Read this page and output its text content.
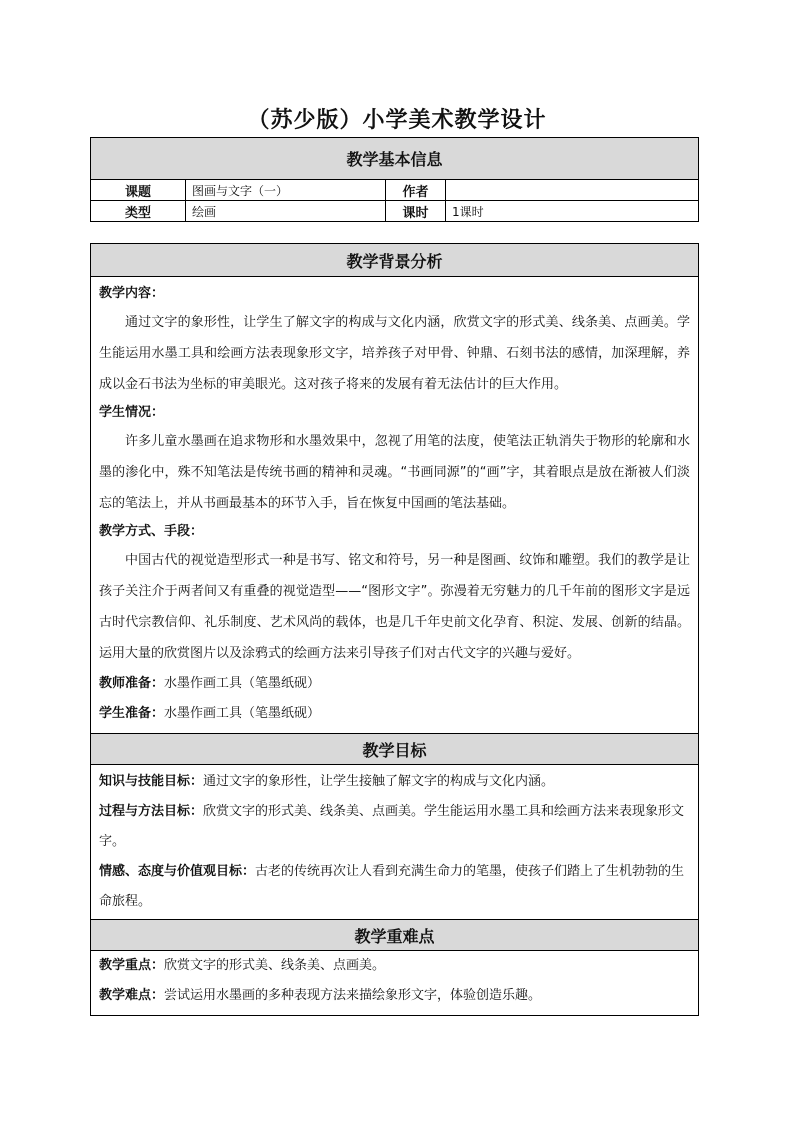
（苏少版）小学美术教学设计
教学基本信息			
课题	图画与文字（一）	作者	
类型	绘画	课时	1课时
教学背景分析

教学内容：
通过文字的象形性，让学生了解文字的构成与文化内涵，欣赏文字的形式美、线条美、点画美。学生能运用水墨工具和绘画方法表现象形文字，培养孩子对甲骨、钟鼎、石刻书法的感情，加深理解，养成以金石书法为坐标的审美眼光。这对孩子将来的发展有着无法估计的巨大作用。
学生情况：
许多儿童水墨画在追求物形和水墨效果中，忽视了用笔的法度，使笔法正轨消失于物形的轮廓和水墨的渗化中，殊不知笔法是传统书画的精神和灵魂。“书画同源”的“画”字，其着眼点是放在渐被人们淡忘的笔法上，并从书画最基本的环节入手，旨在恢复中国画的笔法基础。
教学方式、手段：
中国古代的视觉造型形式一种是书写、铭文和符号，另一种是图画、纹饰和雕塑。我们的教学是让孩子关注介于两者间又有重叠的视觉造型——“图形文字”。弥漫着无穷魅力的几千年前的图形文字是远古时代宗教信仰、礼乐制度、艺术风尚的载体，也是几千年史前文化孕育、积淀、发展、创新的结晶。运用大量的欣赏图片以及涂鸦式的绘画方法来引导孩子们对古代文字的兴趣与爱好。
教师准备：水墨作画工具（笔墨纸砚）
学生准备：水墨作画工具（笔墨纸砚）

教学目标

知识与技能目标：通过文字的象形性，让学生接触了解文字的构成与文化内涵。
过程与方法目标：欣赏文字的形式美、线条美、点画美。学生能运用水墨工具和绘画方法来表现象形文字。
情感、态度与价值观目标：古老的传统再次让人看到充满生命力的笔墨，使孩子们踏上了生机勃勃的生命旅程。

教学重难点

教学重点：欣赏文字的形式美、线条美、点画美。
教学难点：尝试运用水墨画的多种表现方法来描绘象形文字，体验创造乐趣。
